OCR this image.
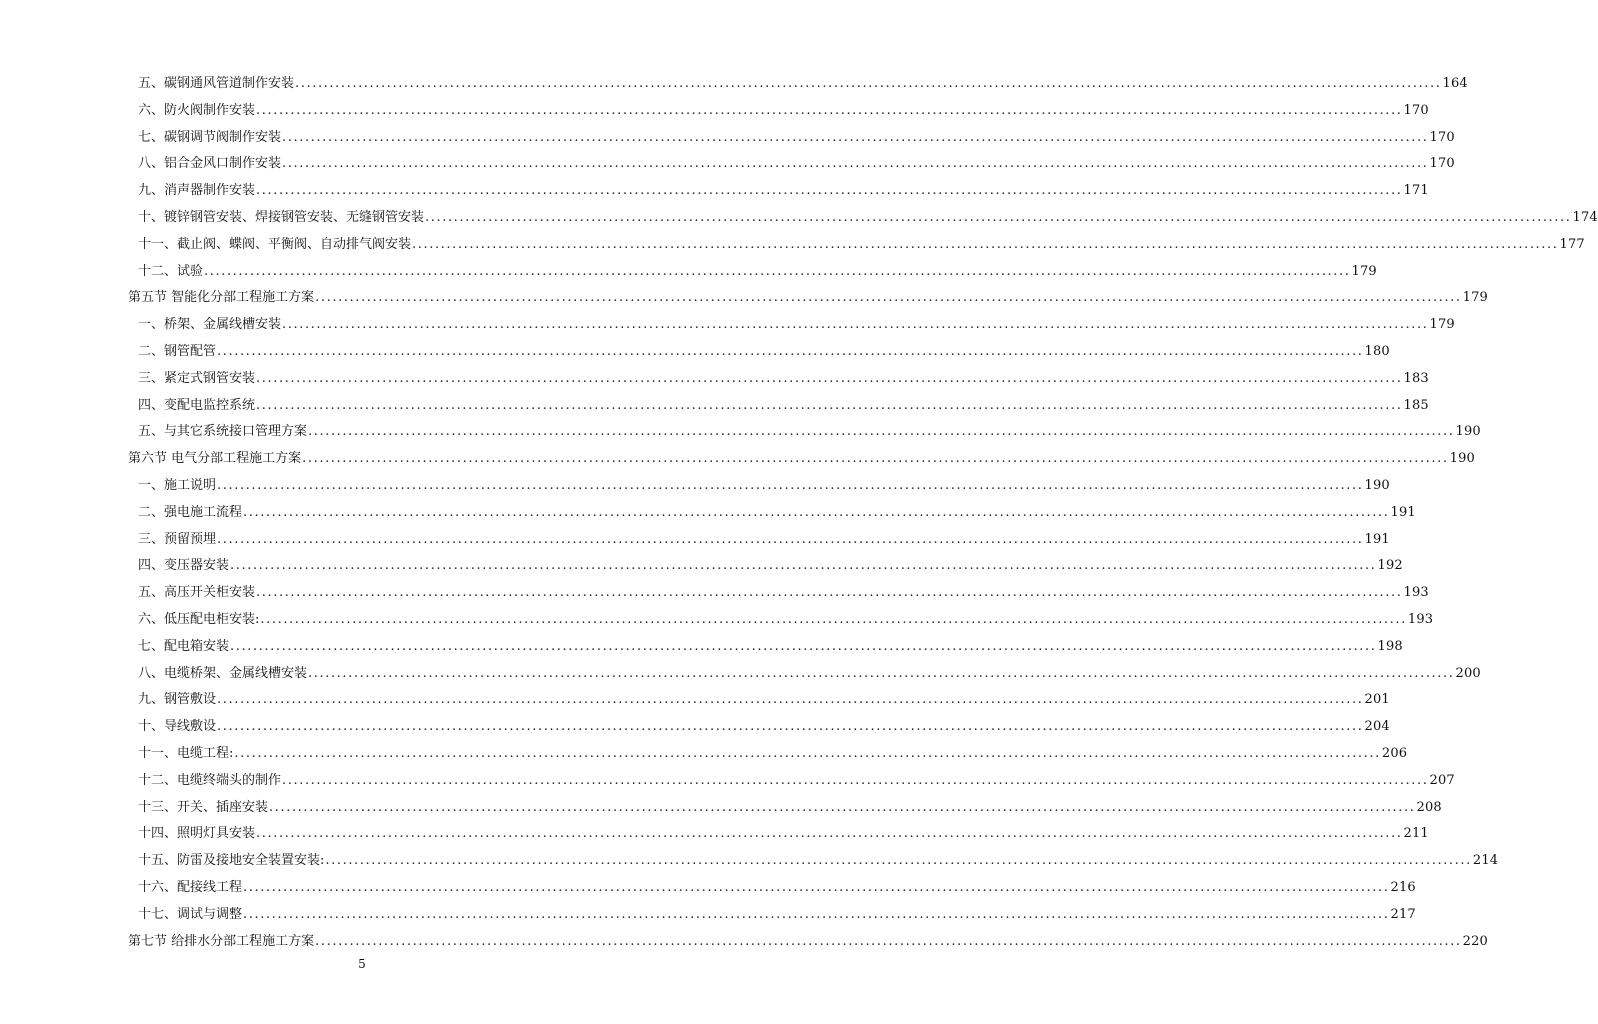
五、碳钢通风管道制作安装 ........................................................................................................................................................................................................ 164
六、防火阀制作安装 ........................................................................................................................................................................................................ 170
七、碳钢调节阀制作安装 ........................................................................................................................................................................................................ 170
八、铝合金风口制作安装 ........................................................................................................................................................................................................ 170
九、消声器制作安装 ........................................................................................................................................................................................................ 171
十、镀锌钢管安装、焊接钢管安装、无缝钢管安装 ........................................................................................................................................................................................................ 174
十一、截止阀、蝶阀、平衡阀、自动排气阀安装 ........................................................................................................................................................................................................ 177
十二、试验 ........................................................................................................................................................................................................ 179
第五节 智能化分部工程施工方案 ........................................................................................................................................................................................................ 179
一、桥架、金属线槽安装 ........................................................................................................................................................................................................ 179
二、钢管配管 ........................................................................................................................................................................................................ 180
三、紧定式钢管安装 ........................................................................................................................................................................................................ 183
四、变配电监控系统 ........................................................................................................................................................................................................ 185
五、与其它系统接口管理方案 ........................................................................................................................................................................................................ 190
第六节 电气分部工程施工方案 ........................................................................................................................................................................................................ 190
一、施工说明 ........................................................................................................................................................................................................ 190
二、强电施工流程 ........................................................................................................................................................................................................ 191
三、预留预埋 ........................................................................................................................................................................................................ 191
四、变压器安装 ........................................................................................................................................................................................................ 192
五、高压开关柜安装 ........................................................................................................................................................................................................ 193
六、低压配电柜安装: ........................................................................................................................................................................................................ 193
七、配电箱安装 ........................................................................................................................................................................................................ 198
八、电缆桥架、金属线槽安装 ........................................................................................................................................................................................................ 200
九、钢管敷设 ........................................................................................................................................................................................................ 201
十、导线敷设 ........................................................................................................................................................................................................ 204
十一、电缆工程: ........................................................................................................................................................................................................ 206
十二、电缆终端头的制作 ........................................................................................................................................................................................................ 207
十三、开关、插座安装 ........................................................................................................................................................................................................ 208
十四、照明灯具安装 ........................................................................................................................................................................................................ 211
十五、防雷及接地安全装置安装: ........................................................................................................................................................................................................ 214
十六、配接线工程 ........................................................................................................................................................................................................ 216
十七、调试与调整 ........................................................................................................................................................................................................ 217
第七节 给排水分部工程施工方案 ........................................................................................................................................................................................................ 220
5
